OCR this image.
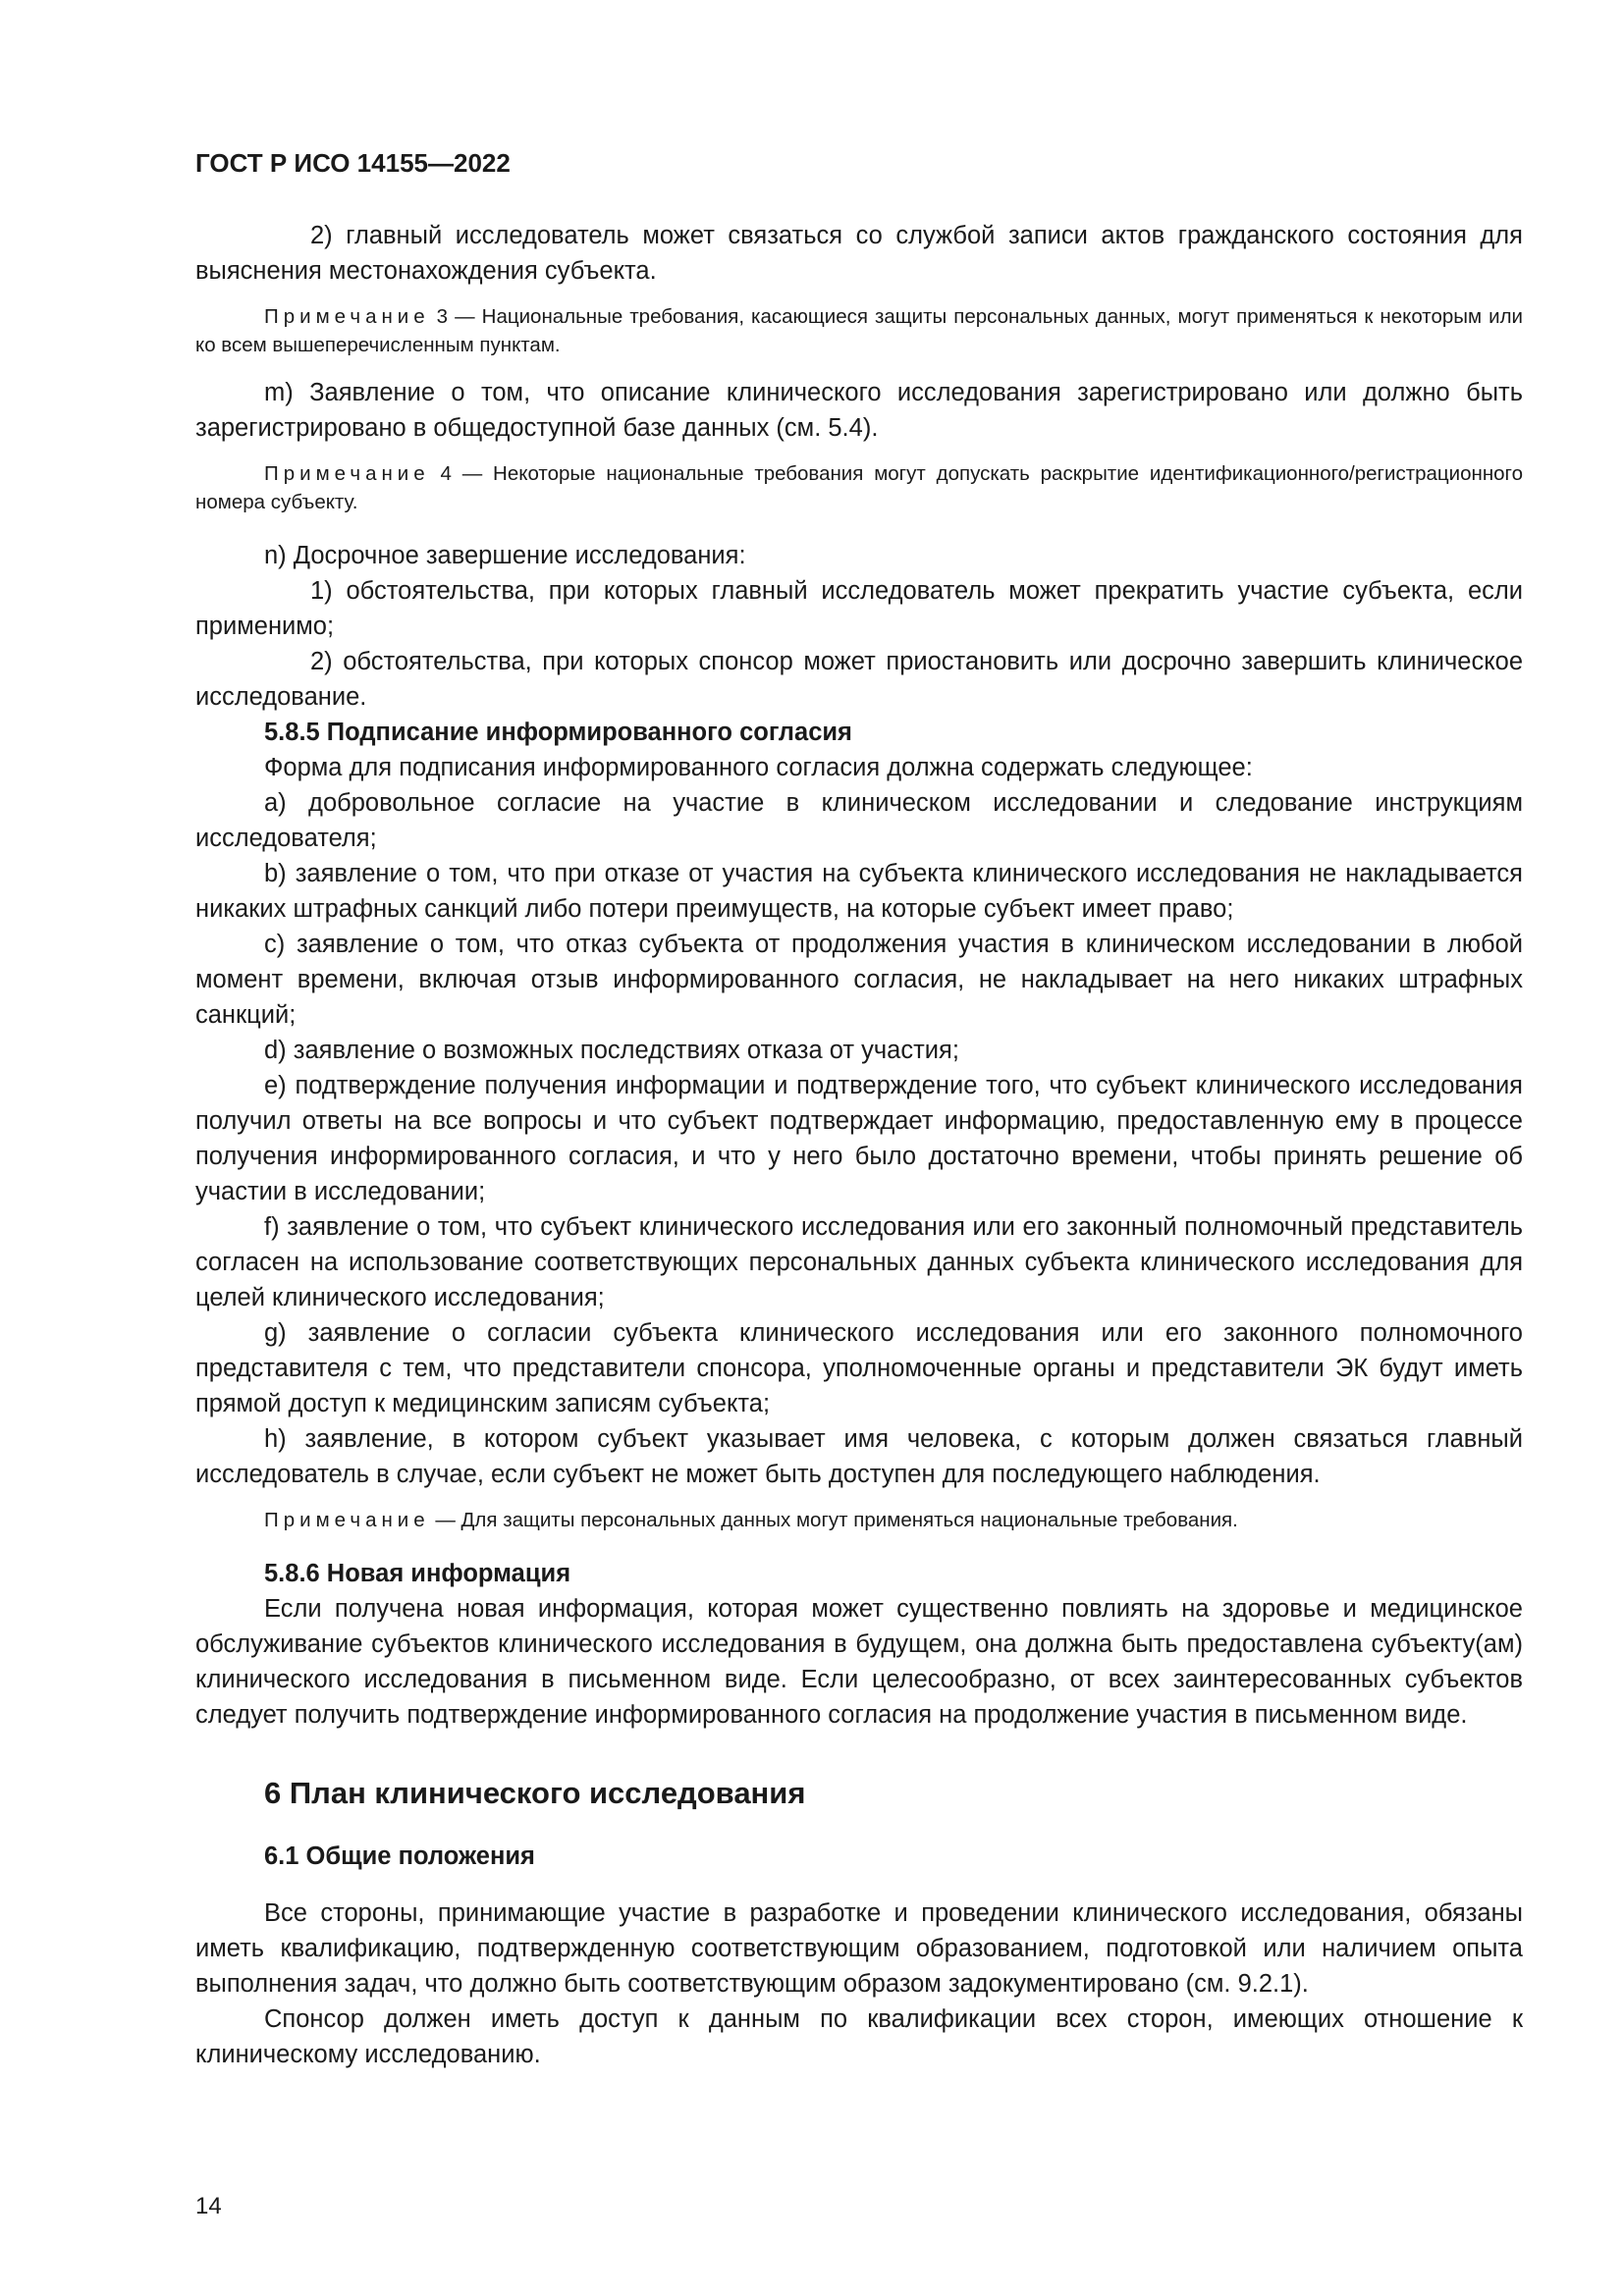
ГОСТ Р ИСО 14155—2022

2) главный исследователь может связаться со службой записи актов гражданского состояния для выяснения местонахождения субъекта.

Примечание 3 — Национальные требования, касающиеся защиты персональных данных, могут применяться к некоторым или ко всем вышеперечисленным пунктам.

m) Заявление о том, что описание клинического исследования зарегистрировано или должно быть зарегистрировано в общедоступной базе данных (см. 5.4).

Примечание 4 — Некоторые национальные требования могут допускать раскрытие идентификационного/регистрационного номера субъекту.

n) Досрочное завершение исследования:

1) обстоятельства, при которых главный исследователь может прекратить участие субъекта, если применимо;

2) обстоятельства, при которых спонсор может приостановить или досрочно завершить клиническое исследование.

5.8.5 Подписание информированного согласия

Форма для подписания информированного согласия должна содержать следующее:

a) добровольное согласие на участие в клиническом исследовании и следование инструкциям исследователя;

b) заявление о том, что при отказе от участия на субъекта клинического исследования не накладывается никаких штрафных санкций либо потери преимуществ, на которые субъект имеет право;

c) заявление о том, что отказ субъекта от продолжения участия в клиническом исследовании в любой момент времени, включая отзыв информированного согласия, не накладывает на него никаких штрафных санкций;

d) заявление о возможных последствиях отказа от участия;

e) подтверждение получения информации и подтверждение того, что субъект клинического исследования получил ответы на все вопросы и что субъект подтверждает информацию, предоставленную ему в процессе получения информированного согласия, и что у него было достаточно времени, чтобы принять решение об участии в исследовании;

f) заявление о том, что субъект клинического исследования или его законный полномочный представитель согласен на использование соответствующих персональных данных субъекта клинического исследования для целей клинического исследования;

g) заявление о согласии субъекта клинического исследования или его законного полномочного представителя с тем, что представители спонсора, уполномоченные органы и представители ЭК будут иметь прямой доступ к медицинским записям субъекта;

h) заявление, в котором субъект указывает имя человека, с которым должен связаться главный исследователь в случае, если субъект не может быть доступен для последующего наблюдения.

Примечание — Для защиты персональных данных могут применяться национальные требования.
5.8.6 Новая информация

Если получена новая информация, которая может существенно повлиять на здоровье и медицинское обслуживание субъектов клинического исследования в будущем, она должна быть предоставлена субъекту(ам) клинического исследования в письменном виде. Если целесообразно, от всех заинтересованных субъектов следует получить подтверждение информированного согласия на продолжение участия в письменном виде.

6 План клинического исследования
6.1 Общие положения

Все стороны, принимающие участие в разработке и проведении клинического исследования, обязаны иметь квалификацию, подтвержденную соответствующим образованием, подготовкой или наличием опыта выполнения задач, что должно быть соответствующим образом задокументировано (см. 9.2.1).

Спонсор должен иметь доступ к данным по квалификации всех сторон, имеющих отношение к клиническому исследованию.

14
